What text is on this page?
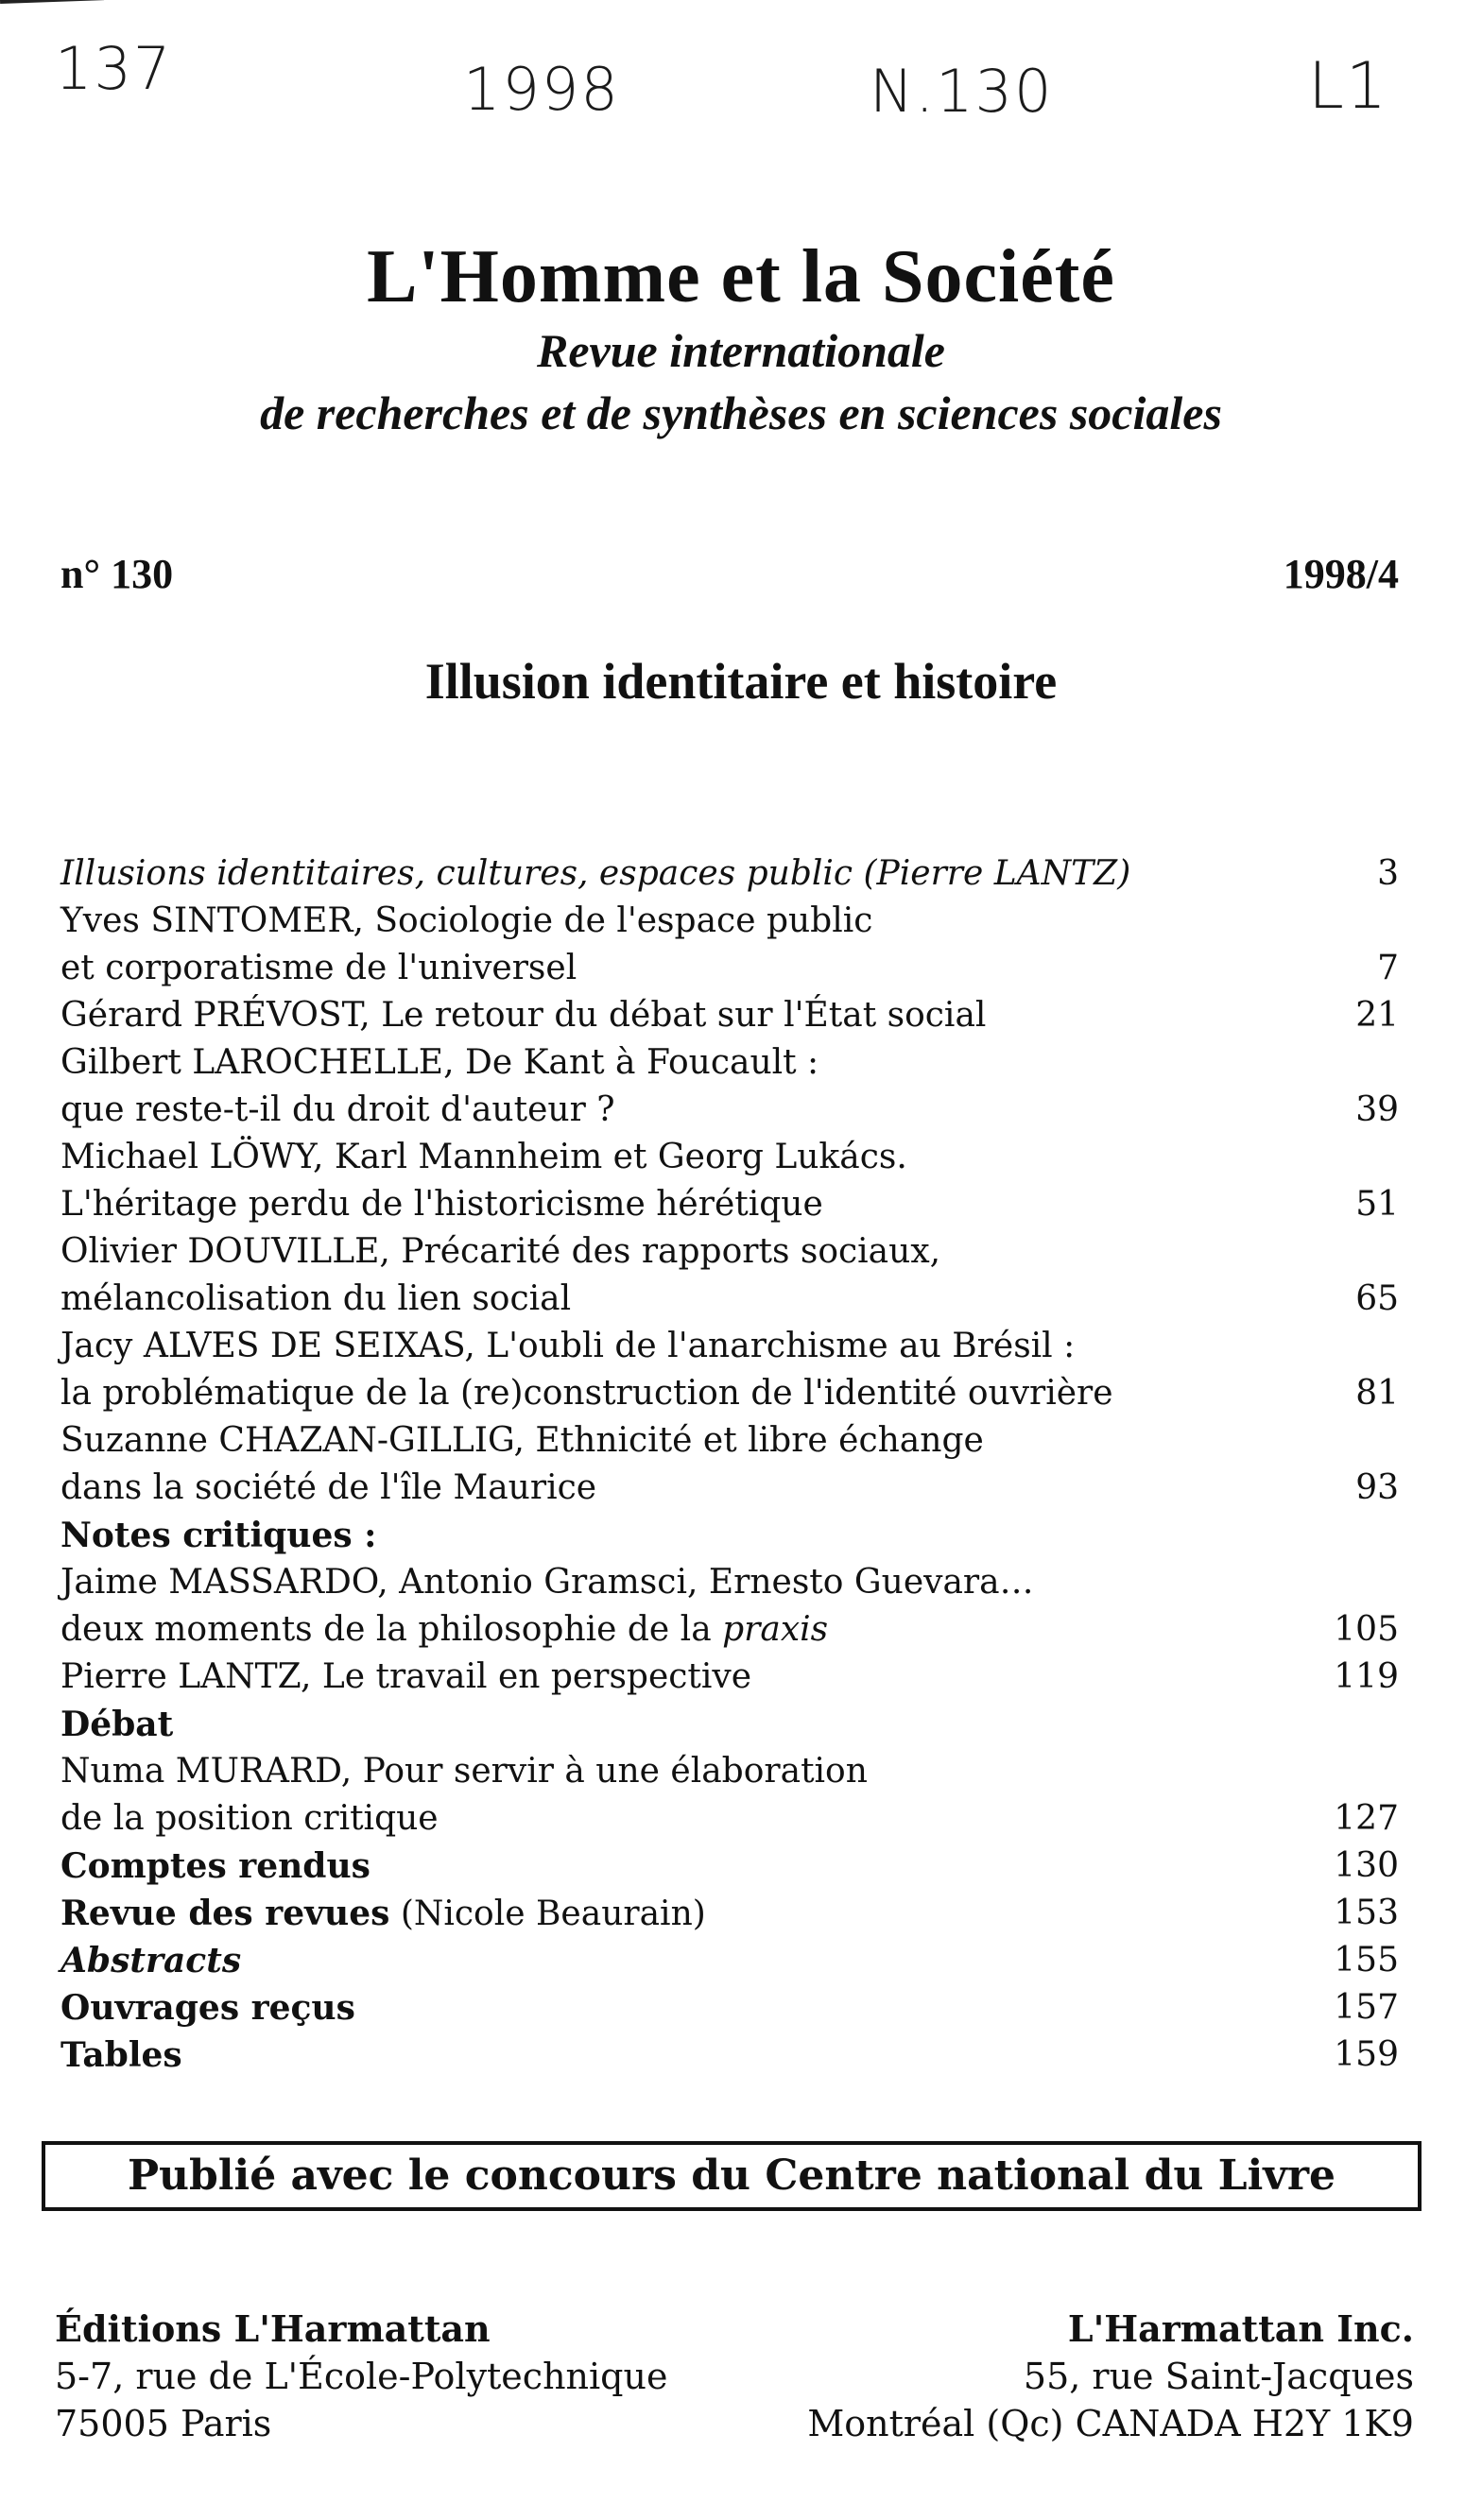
137	1998	N.130	L1
L'Homme et la Société
Revue internationale
de recherches et de synthèses en sciences sociales
n° 130	1998/4
Illusion identitaire et histoire
Illusions identitaires, cultures, espaces public (Pierre LANTZ)	3
Yves SINTOMER, Sociologie de l'espace public
et corporatisme de l'universel	7
Gérard PRÉVOST, Le retour du débat sur l'État social	21
Gilbert LAROCHELLE, De Kant à Foucault :
que reste-t-il du droit d'auteur ?	39
Michael LÖWY, Karl Mannheim et Georg Lukács.
L'héritage perdu de l'historicisme hérétique	51
Olivier DOUVILLE, Précarité des rapports sociaux,
mélancolisation du lien social	65
Jacy ALVES DE SEIXAS, L'oubli de l'anarchisme au Brésil :
la problématique de la (re)construction de l'identité ouvrière	81
Suzanne CHAZAN-GILLIG, Ethnicité et libre échange
dans la société de l'île Maurice	93
Notes critiques :
Jaime MASSARDO, Antonio Gramsci, Ernesto Guevara…
deux moments de la philosophie de la praxis	105
Pierre LANTZ, Le travail en perspective	119
Débat
Numa MURARD, Pour servir à une élaboration
de la position critique	127
Comptes rendus	130
Revue des revues (Nicole Beaurain)	153
Abstracts	155
Ouvrages reçus	157
Tables	159
Publié avec le concours du Centre national du Livre
Éditions L'Harmattan
5-7, rue de L'École-Polytechnique
75005 Paris
L'Harmattan Inc.
55, rue Saint-Jacques
Montréal (Qc) CANADA H2Y 1K9
